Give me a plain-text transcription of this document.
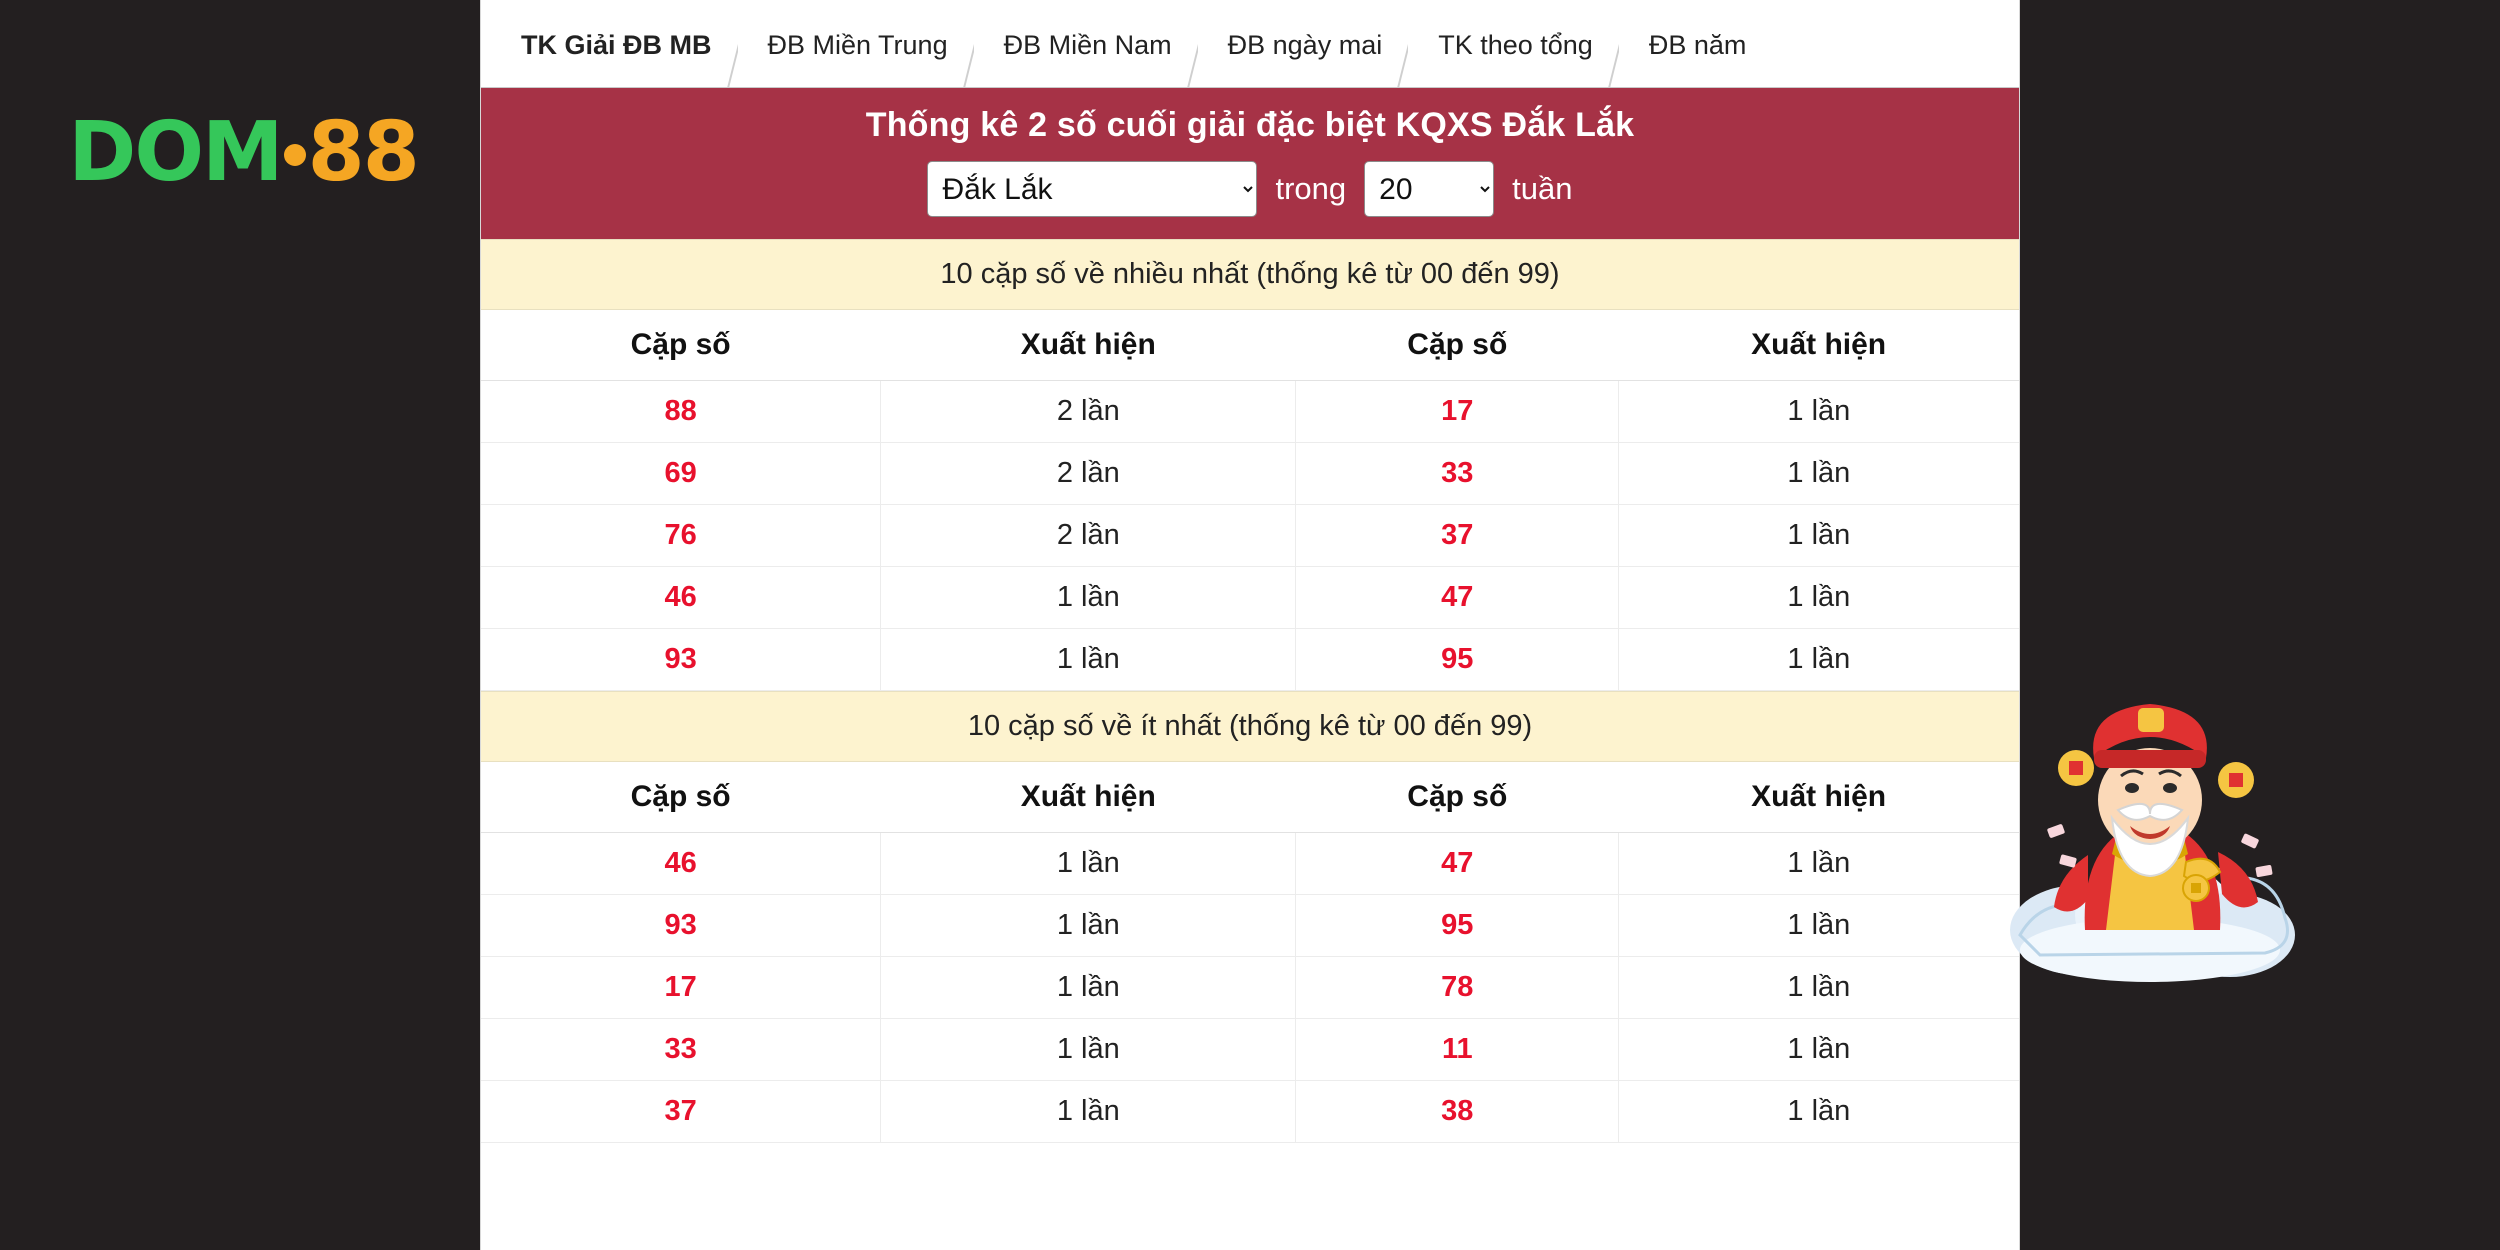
DOM 88
TK Giải ĐB MB ĐB Miền Trung ĐB Miền Nam ĐB ngày mai TK theo tổng ĐB năm
Thống kê 2 số cuối giải đặc biệt KQXS Đắk Lắk
Đắk Lắk
trong
20	tuần
10 cặp số về nhiều nhất (thống kê từ 00 đến 99)
Cặp số	Xuất hiện	Cặp số	Xuất hiện
88	2 lần	17	1 lần
69	2 lần	33	1 lần
76	2 lần	37	1 lần
46	1 lần	47	1 lần
93	1 lần	95	1 lần
10 cặp số về ít nhất (thống kê từ 00 đến 99)
Cặp số	Xuất hiện	Cặp số	Xuất hiện
46	1 lần	47	1 lần
93	1 lần	95	1 lần
17	1 lần	78	1 lần
33	1 lần	11	1 lần
37	1 lần	38	1 lần
